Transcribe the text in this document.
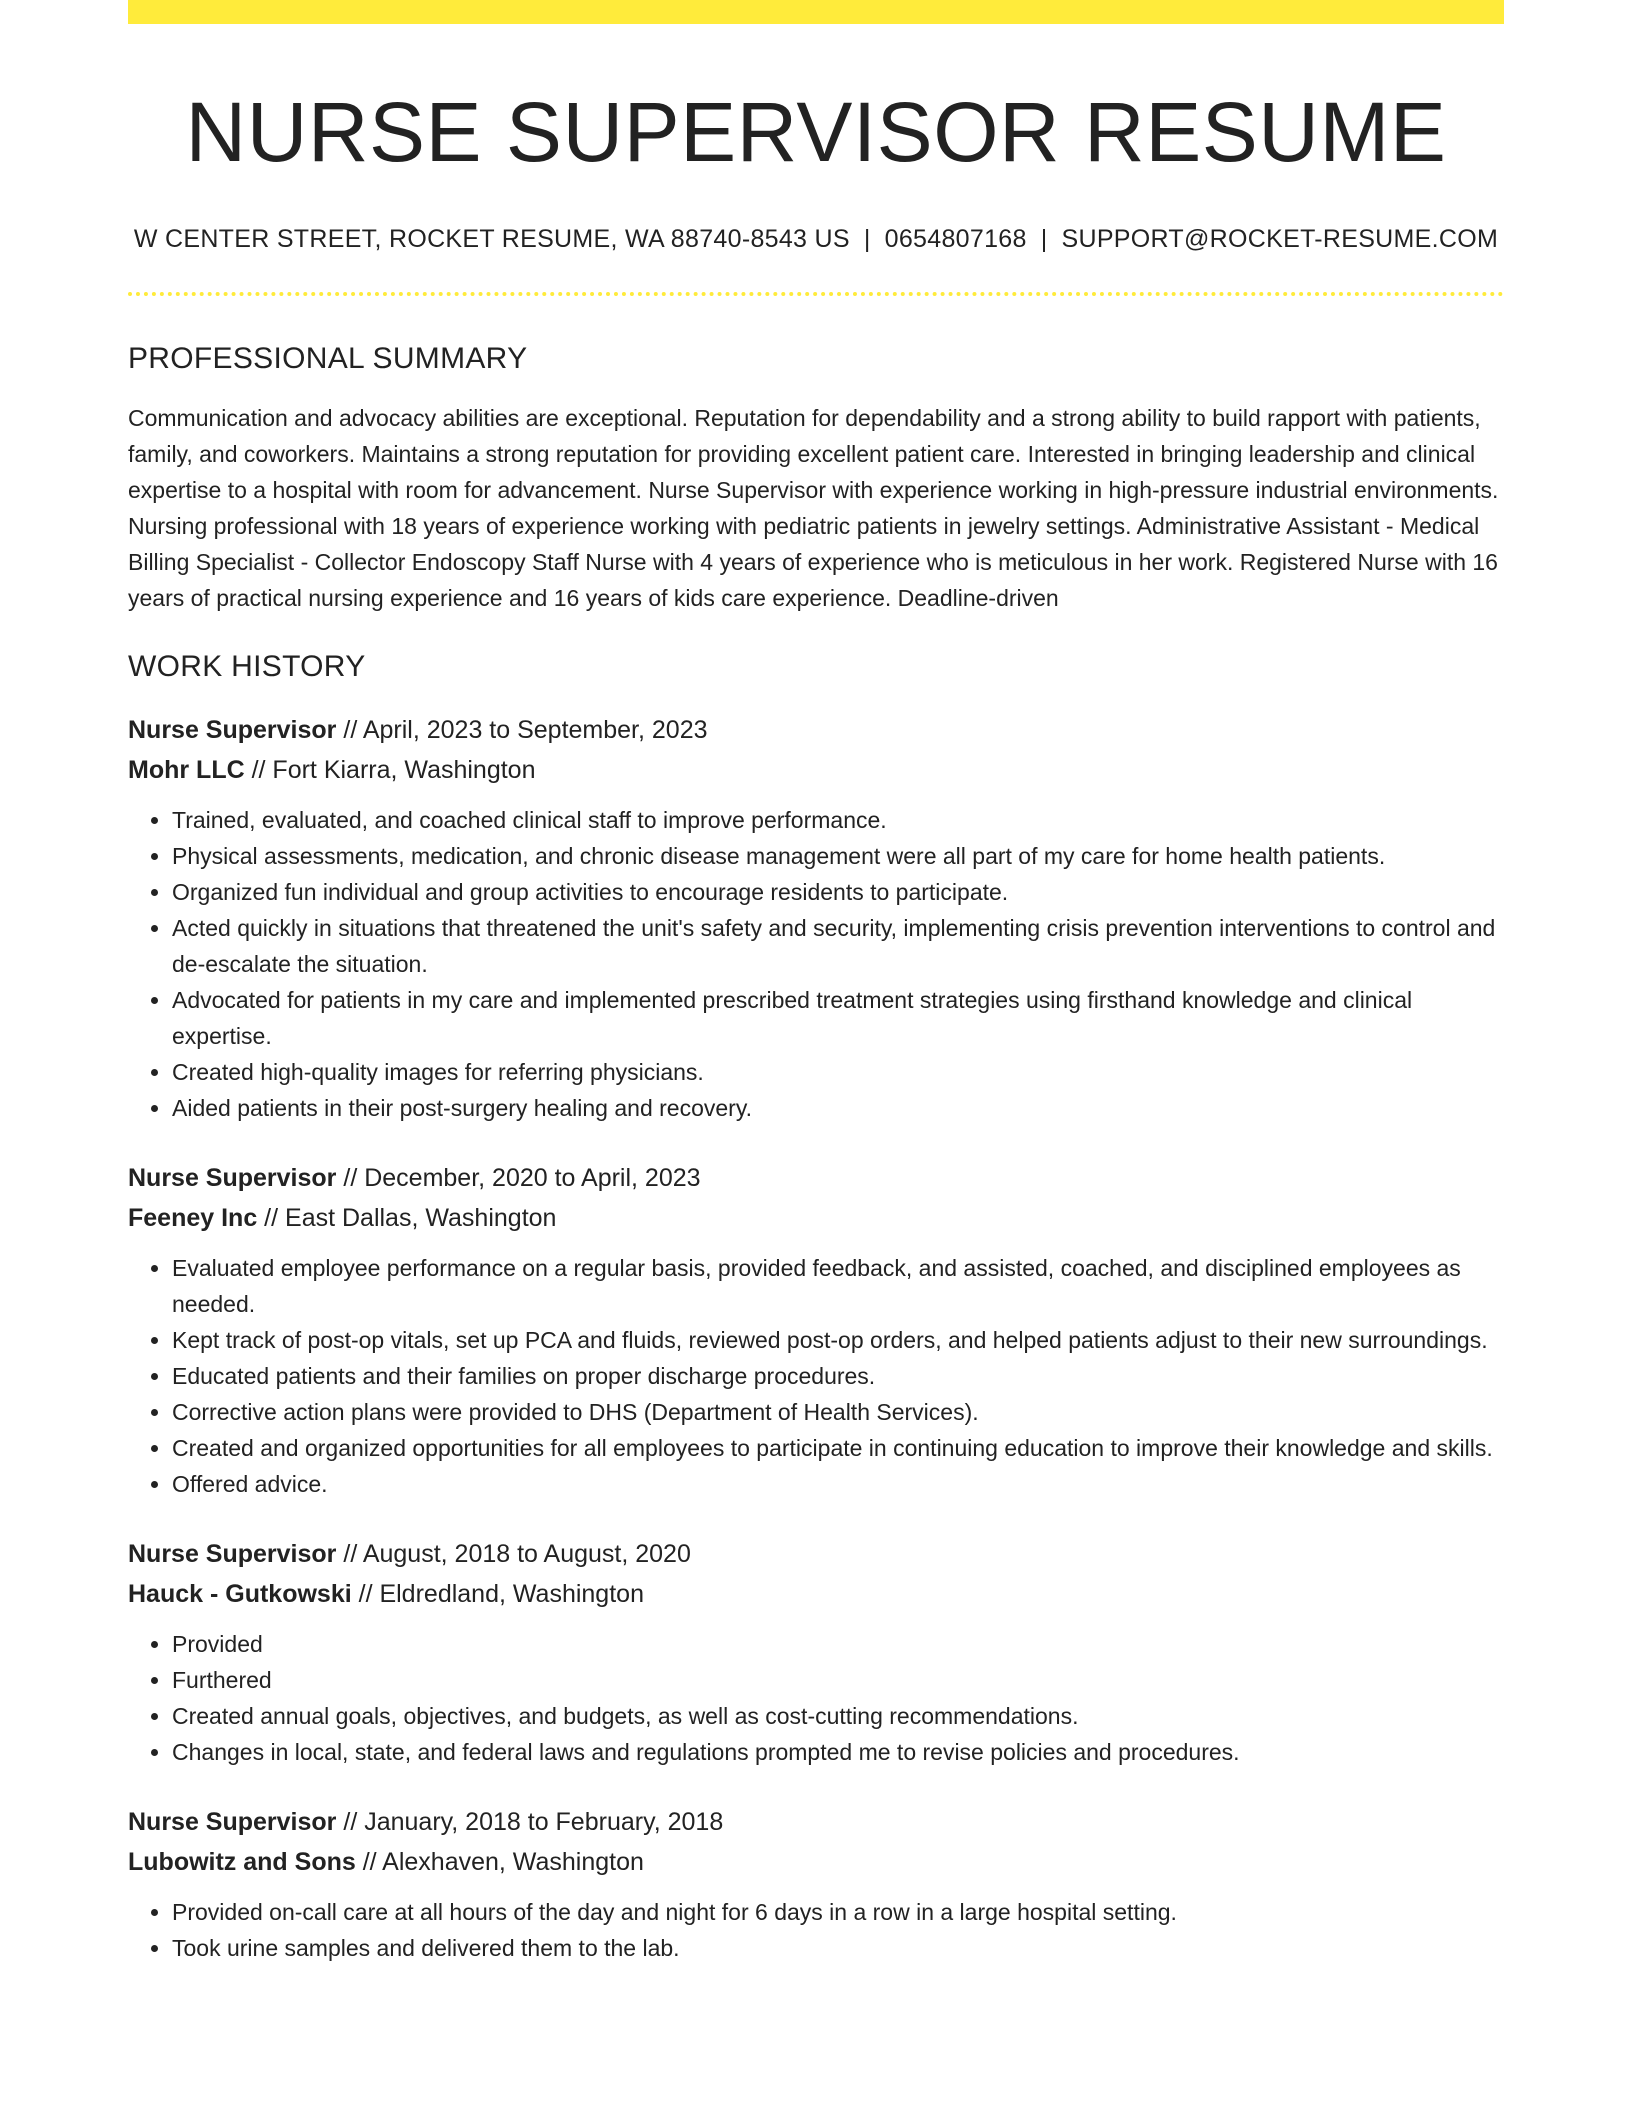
NURSE SUPERVISOR RESUME
W CENTER STREET, ROCKET RESUME, WA 88740-8543 US | 0654807168 | SUPPORT@ROCKET-RESUME.COM
PROFESSIONAL SUMMARY

Communication and advocacy abilities are exceptional. Reputation for dependability and a strong ability to build rapport with patients, family, and coworkers. Maintains a strong reputation for providing excellent patient care. Interested in bringing leadership and clinical expertise to a hospital with room for advancement. Nurse Supervisor with experience working in high-pressure industrial environments. Nursing professional with 18 years of experience working with pediatric patients in jewelry settings. Administrative Assistant - Medical Billing Specialist - Collector Endoscopy Staff Nurse with 4 years of experience who is meticulous in her work. Registered Nurse with 16 years of practical nursing experience and 16 years of kids care experience. Deadline-driven

WORK HISTORY
Nurse Supervisor // April, 2023 to September, 2023
Mohr LLC // Fort Kiarra, Washington
• Trained, evaluated, and coached clinical staff to improve performance.
• Physical assessments, medication, and chronic disease management were all part of my care for home health patients.
• Organized fun individual and group activities to encourage residents to participate.
• Acted quickly in situations that threatened the unit's safety and security, implementing crisis prevention interventions to control and de-escalate the situation.
• Advocated for patients in my care and implemented prescribed treatment strategies using firsthand knowledge and clinical expertise.
• Created high-quality images for referring physicians.
• Aided patients in their post-surgery healing and recovery.
Nurse Supervisor // December, 2020 to April, 2023
Feeney Inc // East Dallas, Washington
• Evaluated employee performance on a regular basis, provided feedback, and assisted, coached, and disciplined employees as needed.
• Kept track of post-op vitals, set up PCA and fluids, reviewed post-op orders, and helped patients adjust to their new surroundings.
• Educated patients and their families on proper discharge procedures.
• Corrective action plans were provided to DHS (Department of Health Services).
• Created and organized opportunities for all employees to participate in continuing education to improve their knowledge and skills.
• Offered advice.
Nurse Supervisor // August, 2018 to August, 2020
Hauck - Gutkowski // Eldredland, Washington
• Provided
• Furthered
• Created annual goals, objectives, and budgets, as well as cost-cutting recommendations.
• Changes in local, state, and federal laws and regulations prompted me to revise policies and procedures.
Nurse Supervisor // January, 2018 to February, 2018
Lubowitz and Sons // Alexhaven, Washington
• Provided on-call care at all hours of the day and night for 6 days in a row in a large hospital setting.
• Took urine samples and delivered them to the lab.
